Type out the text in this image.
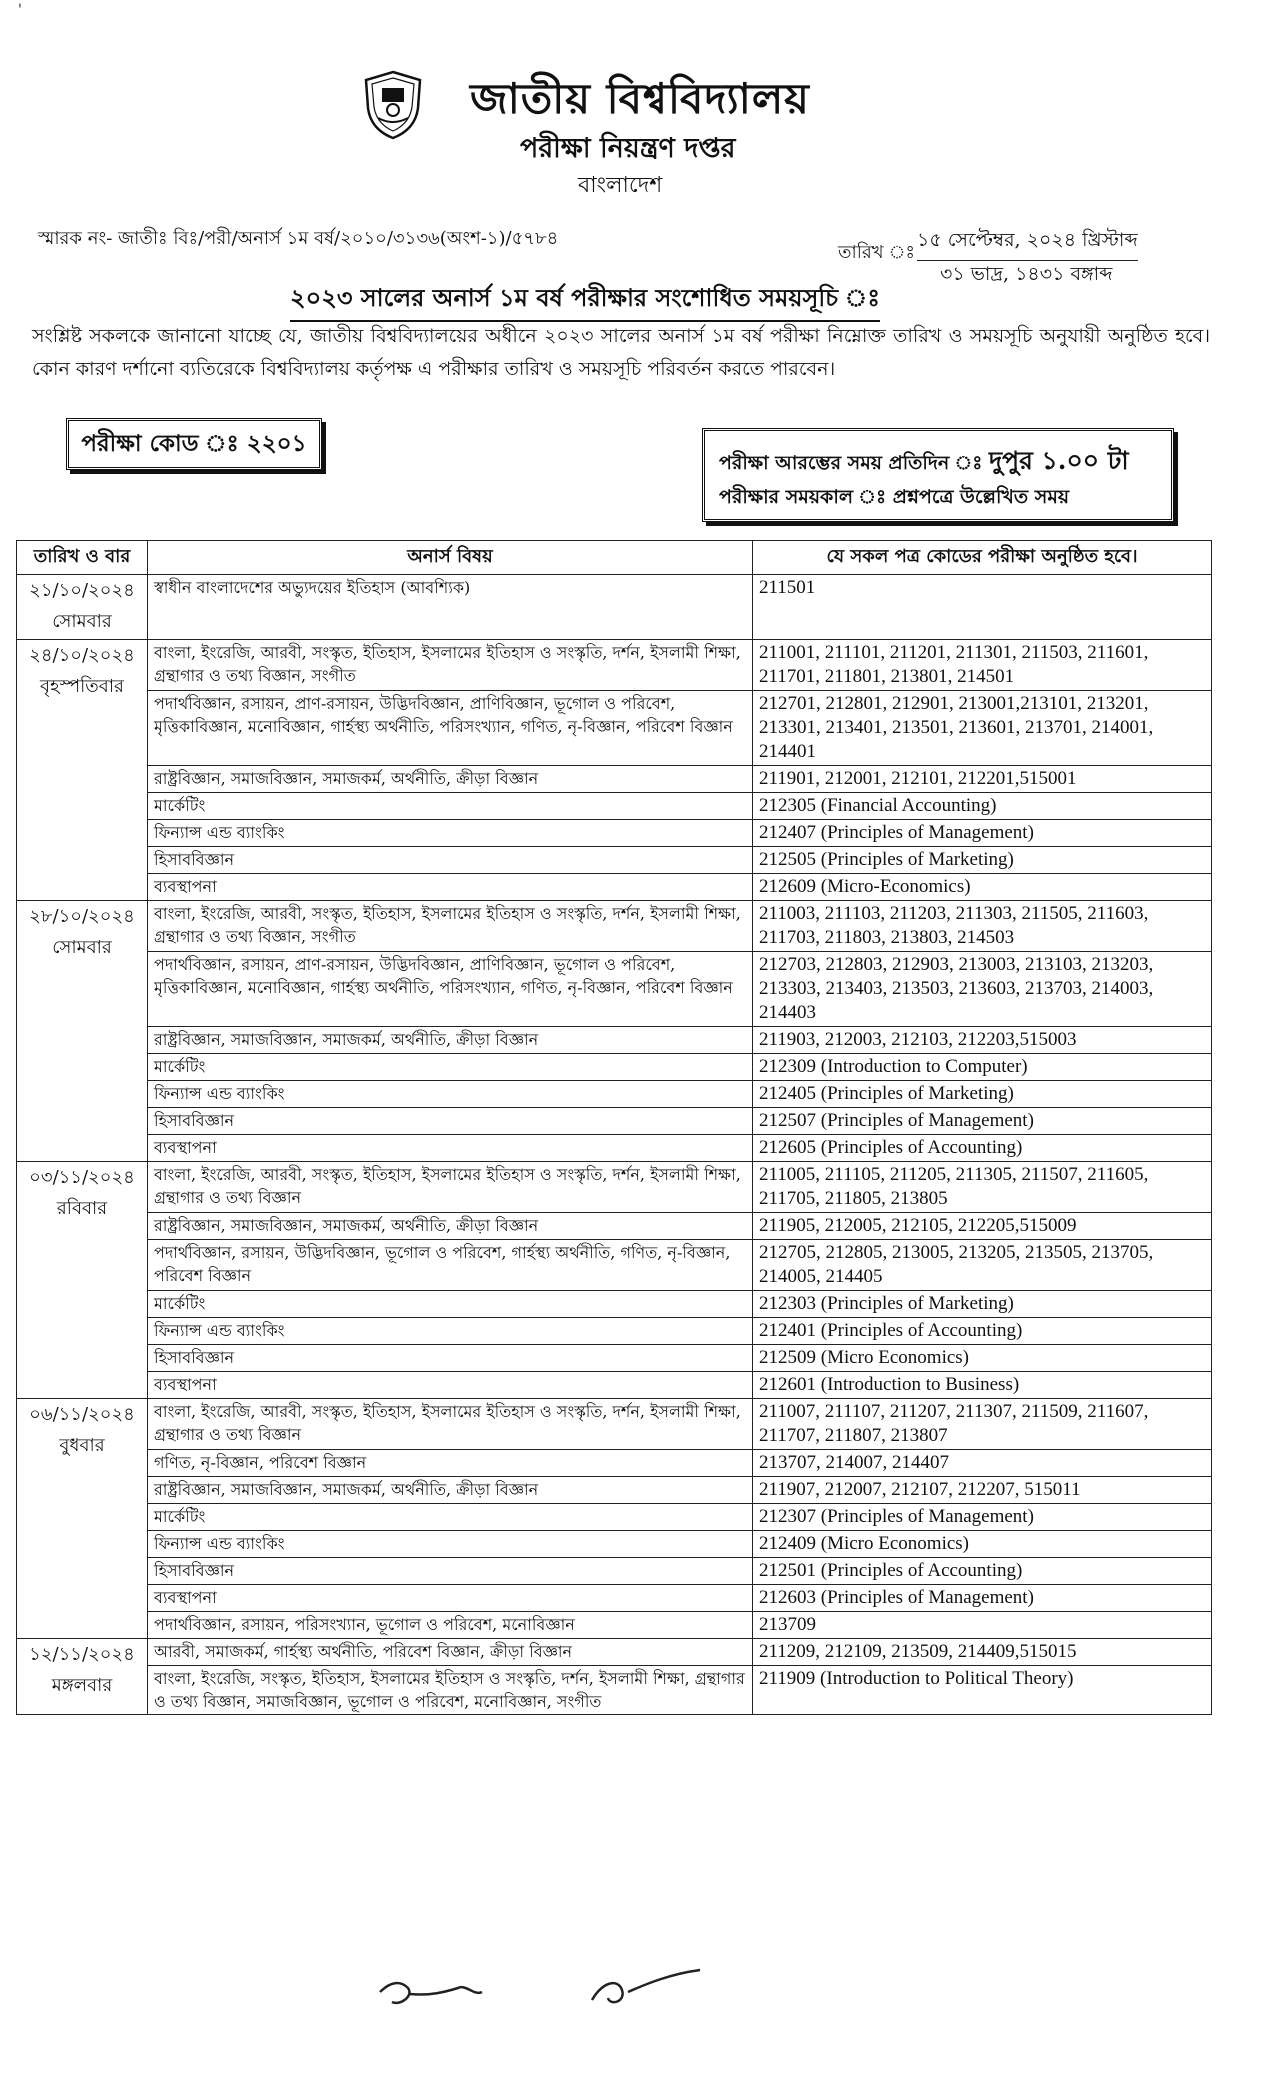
ꞌ
জাতীয় বিশ্ববিদ্যালয়
পরীক্ষা নিয়ন্ত্রণ দপ্তর
বাংলাদেশ
স্মারক নং- জাতীঃ বিঃ/পরী/অনার্স ১ম বর্ষ/২০১০/৩১৩৬(অংশ-১)/৫৭৮৪
তারিখ ঃ
১৫ সেপ্টেম্বর, ২০২৪ খ্রিস্টাব্দ
৩১ ভাদ্র, ১৪৩১ বঙ্গাব্দ
২০২৩ সালের অনার্স ১ম বর্ষ পরীক্ষার সংশোধিত সময়সূচি ঃ
সংশ্লিষ্ট সকলকে জানানো যাচ্ছে যে, জাতীয় বিশ্ববিদ্যালয়ের অধীনে ২০২৩ সালের অনার্স ১ম বর্ষ পরীক্ষা নিম্নোক্ত তারিখ ও সময়সূচি অনুযায়ী অনুষ্ঠিত হবে। কোন কারণ দর্শানো ব্যতিরেকে বিশ্ববিদ্যালয় কর্তৃপক্ষ এ পরীক্ষার তারিখ ও সময়সূচি পরিবর্তন করতে পারবেন।
পরীক্ষা কোড ঃ ২২০১
পরীক্ষা আরম্ভের সময় প্রতিদিন ঃ দুপুর ১.০০ টা
পরীক্ষার সময়কাল ঃ প্রশ্নপত্রে উল্লেখিত সময়
তারিখ ও বার	অনার্স বিষয়	যে সকল পত্র কোডের পরীক্ষা অনুষ্ঠিত হবে।

২১/১০/২০২৪
সোমবার	স্বাধীন বাংলাদেশের অভ্যুদয়ের ইতিহাস (আবশ্যিক)	211501

২৪/১০/২০২৪
বৃহস্পতিবার	বাংলা, ইংরেজি, আরবী, সংস্কৃত, ইতিহাস, ইসলামের ইতিহাস ও সংস্কৃতি, দর্শন, ইসলামী শিক্ষা, গ্রন্থাগার ও তথ্য বিজ্ঞান, সংগীত	211001, 211101, 211201, 211301, 211503, 211601, 211701, 211801, 213801, 214501
	পদার্থবিজ্ঞান, রসায়ন, প্রাণ-রসায়ন, উদ্ভিদবিজ্ঞান, প্রাণিবিজ্ঞান, ভূগোল ও পরিবেশ, মৃত্তিকাবিজ্ঞান, মনোবিজ্ঞান, গার্হস্থ্য অর্থনীতি, পরিসংখ্যান, গণিত, নৃ-বিজ্ঞান, পরিবেশ বিজ্ঞান	212701, 212801, 212901, 213001,213101, 213201, 213301, 213401, 213501, 213601, 213701, 214001, 214401
	রাষ্ট্রবিজ্ঞান, সমাজবিজ্ঞান, সমাজকর্ম, অর্থনীতি, ক্রীড়া বিজ্ঞান	211901, 212001, 212101, 212201,515001
	মার্কেটিং	212305 (Financial Accounting)
	ফিন্যান্স এন্ড ব্যাংকিং	212407 (Principles of Management)
	হিসাববিজ্ঞান	212505 (Principles of Marketing)
	ব্যবস্থাপনা	212609 (Micro-Economics)

২৮/১০/২০২৪
সোমবার	বাংলা, ইংরেজি, আরবী, সংস্কৃত, ইতিহাস, ইসলামের ইতিহাস ও সংস্কৃতি, দর্শন, ইসলামী শিক্ষা, গ্রন্থাগার ও তথ্য বিজ্ঞান, সংগীত	211003, 211103, 211203, 211303, 211505, 211603, 211703, 211803, 213803, 214503
	পদার্থবিজ্ঞান, রসায়ন, প্রাণ-রসায়ন, উদ্ভিদবিজ্ঞান, প্রাণিবিজ্ঞান, ভূগোল ও পরিবেশ, মৃত্তিকাবিজ্ঞান, মনোবিজ্ঞান, গার্হস্থ্য অর্থনীতি, পরিসংখ্যান, গণিত, নৃ-বিজ্ঞান, পরিবেশ বিজ্ঞান	212703, 212803, 212903, 213003, 213103, 213203, 213303, 213403, 213503, 213603, 213703, 214003, 214403
	রাষ্ট্রবিজ্ঞান, সমাজবিজ্ঞান, সমাজকর্ম, অর্থনীতি, ক্রীড়া বিজ্ঞান	211903, 212003, 212103, 212203,515003
	মার্কেটিং	212309 (Introduction to Computer)
	ফিন্যান্স এন্ড ব্যাংকিং	212405 (Principles of Marketing)
	হিসাববিজ্ঞান	212507 (Principles of Management)
	ব্যবস্থাপনা	212605 (Principles of Accounting)

০৩/১১/২০২৪
রবিবার	বাংলা, ইংরেজি, আরবী, সংস্কৃত, ইতিহাস, ইসলামের ইতিহাস ও সংস্কৃতি, দর্শন, ইসলামী শিক্ষা, গ্রন্থাগার ও তথ্য বিজ্ঞান	211005, 211105, 211205, 211305, 211507, 211605, 211705, 211805, 213805
	রাষ্ট্রবিজ্ঞান, সমাজবিজ্ঞান, সমাজকর্ম, অর্থনীতি, ক্রীড়া বিজ্ঞান	211905, 212005, 212105, 212205,515009
	পদার্থবিজ্ঞান, রসায়ন, উদ্ভিদবিজ্ঞান, ভূগোল ও পরিবেশ, গার্হস্থ্য অর্থনীতি, গণিত, নৃ-বিজ্ঞান, পরিবেশ বিজ্ঞান	212705, 212805, 213005, 213205, 213505, 213705, 214005, 214405
	মার্কেটিং	212303 (Principles of Marketing)
	ফিন্যান্স এন্ড ব্যাংকিং	212401 (Principles of Accounting)
	হিসাববিজ্ঞান	212509 (Micro Economics)
	ব্যবস্থাপনা	212601 (Introduction to Business)

০৬/১১/২০২৪
বুধবার	বাংলা, ইংরেজি, আরবী, সংস্কৃত, ইতিহাস, ইসলামের ইতিহাস ও সংস্কৃতি, দর্শন, ইসলামী শিক্ষা, গ্রন্থাগার ও তথ্য বিজ্ঞান	211007, 211107, 211207, 211307, 211509, 211607, 211707, 211807, 213807
	গণিত, নৃ-বিজ্ঞান, পরিবেশ বিজ্ঞান	213707, 214007, 214407
	রাষ্ট্রবিজ্ঞান, সমাজবিজ্ঞান, সমাজকর্ম, অর্থনীতি, ক্রীড়া বিজ্ঞান	211907, 212007, 212107, 212207, 515011
	মার্কেটিং	212307 (Principles of Management)
	ফিন্যান্স এন্ড ব্যাংকিং	212409 (Micro Economics)
	হিসাববিজ্ঞান	212501 (Principles of Accounting)
	ব্যবস্থাপনা	212603 (Principles of Management)
	পদার্থবিজ্ঞান, রসায়ন, পরিসংখ্যান, ভূগোল ও পরিবেশ, মনোবিজ্ঞান	213709

১২/১১/২০২৪
মঙ্গলবার	আরবী, সমাজকর্ম, গার্হস্থ্য অর্থনীতি, পরিবেশ বিজ্ঞান, ক্রীড়া বিজ্ঞান	211209, 212109, 213509, 214409,515015
	বাংলা, ইংরেজি, সংস্কৃত, ইতিহাস, ইসলামের ইতিহাস ও সংস্কৃতি, দর্শন, ইসলামী শিক্ষা, গ্রন্থাগার ও তথ্য বিজ্ঞান, সমাজবিজ্ঞান, ভূগোল ও পরিবেশ, মনোবিজ্ঞান, সংগীত	211909 (Introduction to Political Theory)
